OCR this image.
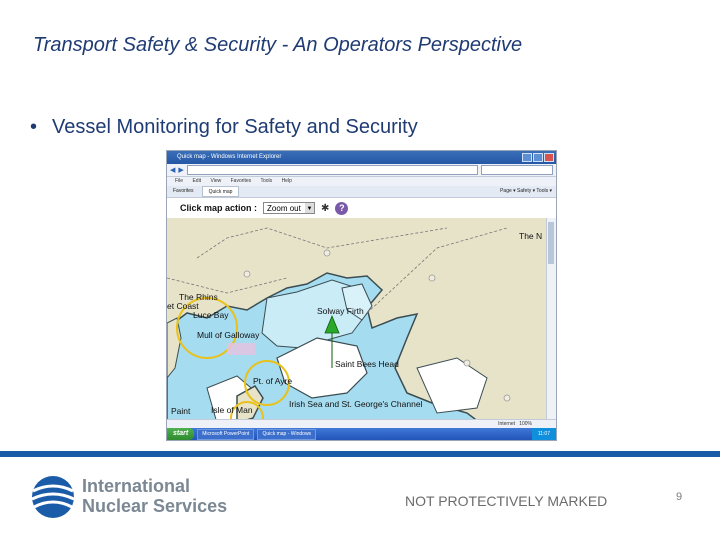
Transport Safety & Security - An Operators Perspective
• Vessel Monitoring for Safety and Security
Quick map - Windows Internet Explorer
◀ ▶
File Edit View Favorites Tools Help
Favorites	Quick map	Page ▾ Safety ▾ Tools ▾
Click map action :	Zoom out ▼ ✱	?
The N
The Rhins
et Coast
Luce Bay
Mull of Galloway
Solway Firth
Saint Bees Head
Pt. of Ayre
Irish Sea and St. George's Channel
Isle of Man
Paint
Internet 100%
start	Microsoft PowerPoint	Quick map - Windows	11:07
International
Nuclear Services	NOT PROTECTIVELY MARKED	9
